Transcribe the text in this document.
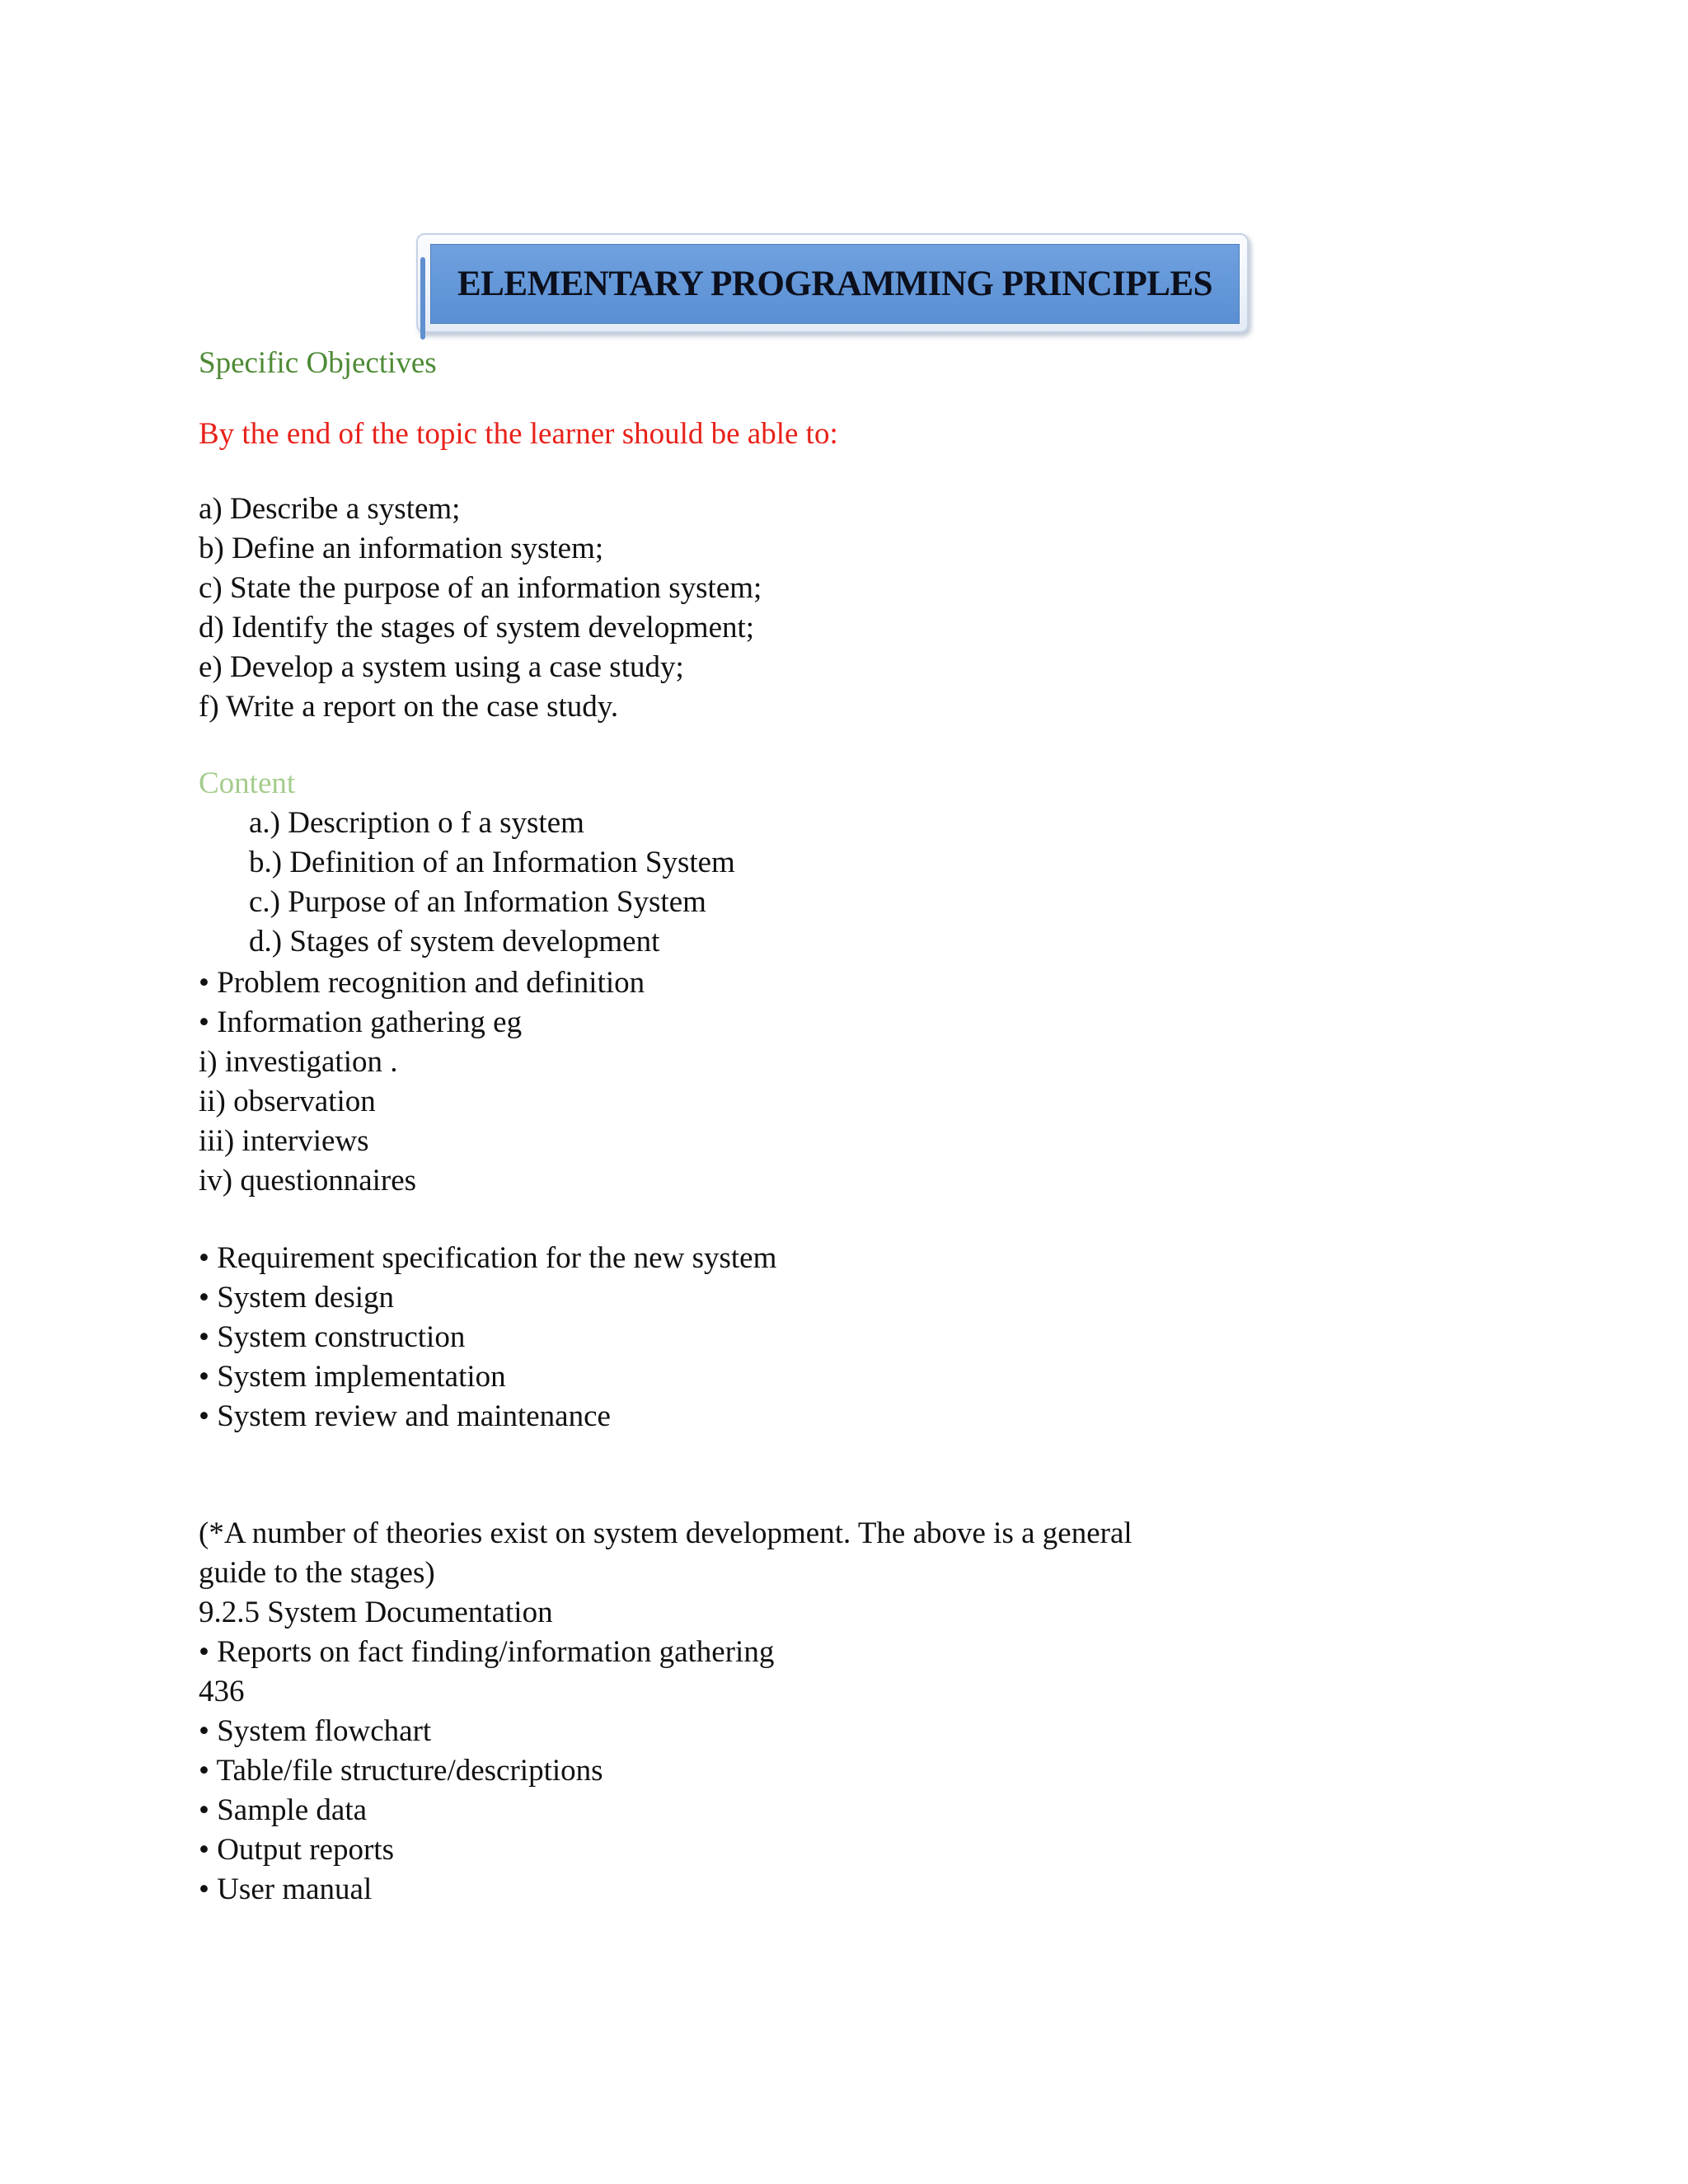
ELEMENTARY PROGRAMMING PRINCIPLES
Specific Objectives
By the end of the topic the learner should be able to:
a) Describe a system;
b) Define an information system;
c) State the purpose of an information system;
d) Identify the stages of system development;
e) Develop a system using a case study;
f) Write a report on the case study.
Content
a.) Description o f a system
b.) Definition of an Information System
c.) Purpose of an Information System
d.) Stages of system development
• Problem recognition and definition
• Information gathering eg
i) investigation .
ii) observation
iii) interviews
iv) questionnaires
• Requirement specification for the new system
• System design
• System construction
• System implementation
• System review and maintenance
(*A number of theories exist on system development. The above is a general
guide to the stages)
9.2.5 System Documentation
• Reports on fact finding/information gathering
436
• System flowchart
• Table/file structure/descriptions
• Sample data
• Output reports
• User manual
